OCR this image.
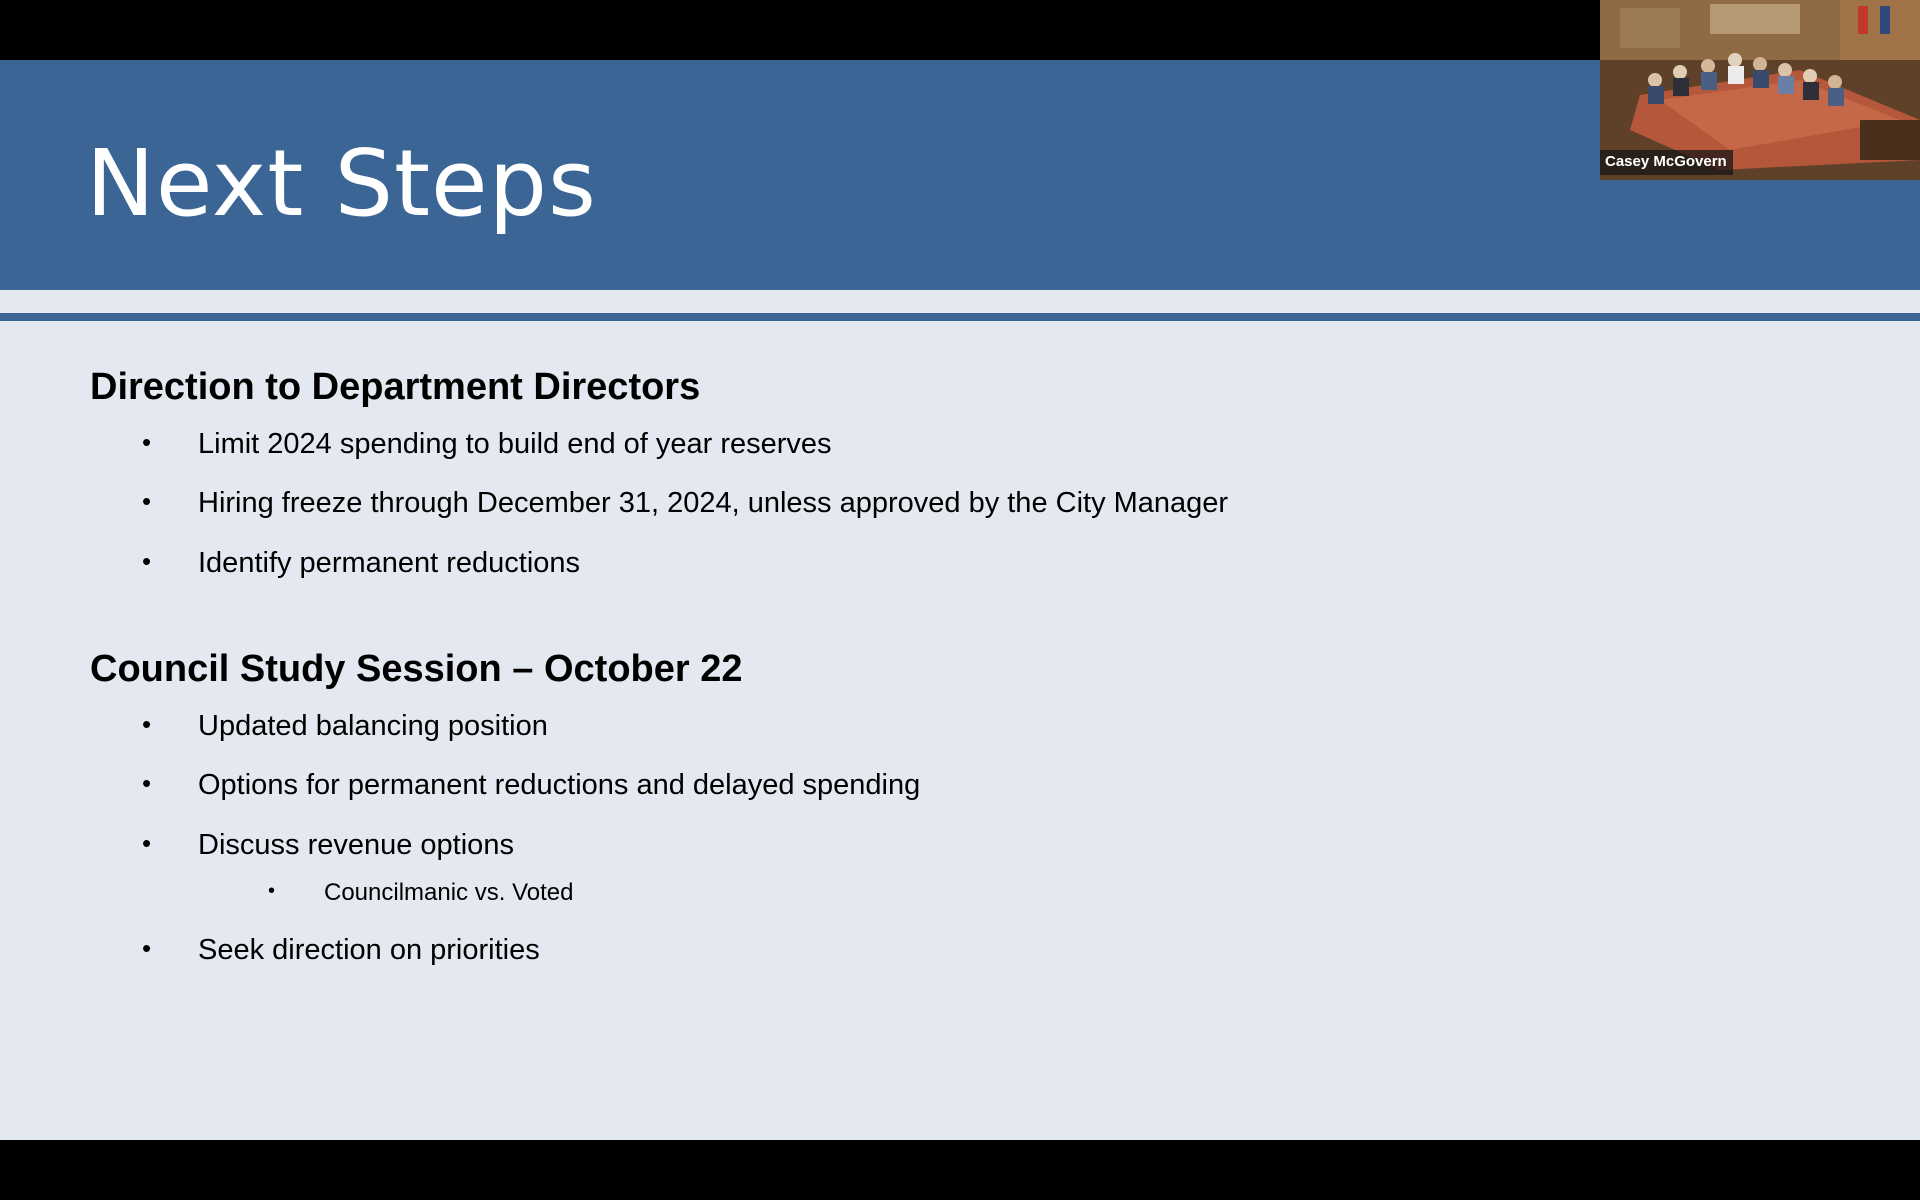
Next Steps
Direction to Department Directors
• Limit 2024 spending to build end of year reserves
• Hiring freeze through December 31, 2024, unless approved by the City Manager
• Identify permanent reductions
Council Study Session – October 22
• Updated balancing position
• Options for permanent reductions and delayed spending
• Discuss revenue options
• Councilmanic vs. Voted
• Seek direction on priorities
Casey McGovern
